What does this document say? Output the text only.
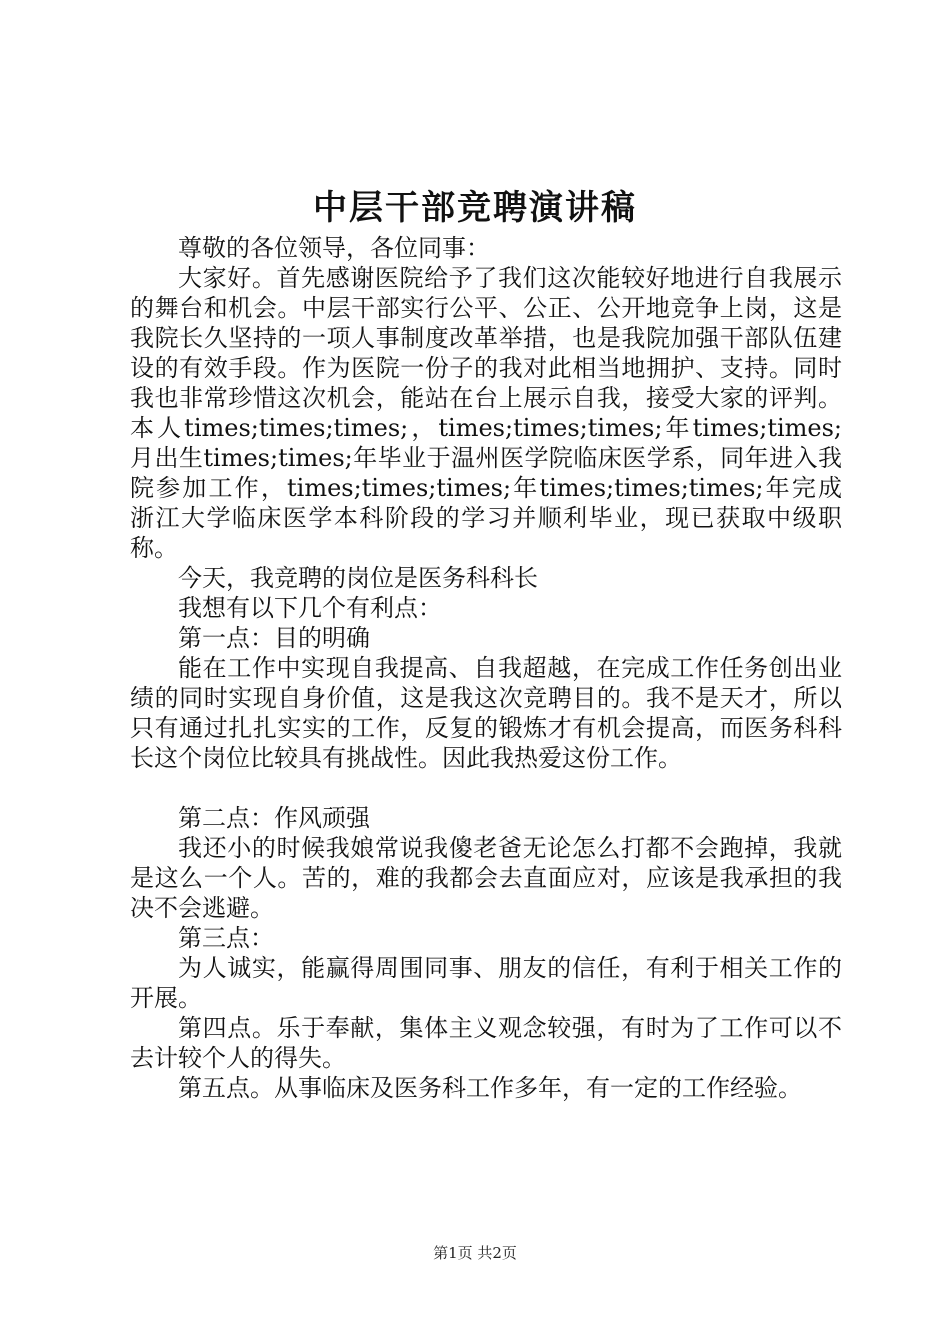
中层干部竞聘演讲稿

尊敬的各位领导，各位同事：

大家好。首先感谢医院给予了我们这次能较好地进行自我展示的舞台和机会。中层干部实行公平、公正、公开地竞争上岗，这是我院长久坚持的一项人事制度改革举措，也是我院加强干部队伍建设的有效手段。作为医院一份子的我对此相当地拥护、支持。同时我也非常珍惜这次机会，能站在台上展示自我，接受大家的评判。本人times;times;times;，times;times;times;年times;times;月出生times;times;年毕业于温州医学院临床医学系，同年进入我院参加工作，times;times;times;年times;times;times;年完成浙江大学临床医学本科阶段的学习并顺利毕业，现已获取中级职称。

今天，我竞聘的岗位是医务科科长

我想有以下几个有利点：

第一点：目的明确

能在工作中实现自我提高、自我超越，在完成工作任务创出业绩的同时实现自身价值，这是我这次竞聘目的。我不是天才，所以只有通过扎扎实实的工作，反复的锻炼才有机会提高，而医务科科长这个岗位比较具有挑战性。因此我热爱这份工作。

第二点：作风顽强

我还小的时候我娘常说我傻老爸无论怎么打都不会跑掉，我就是这么一个人。苦的，难的我都会去直面应对，应该是我承担的我决不会逃避。

第三点：

为人诚实，能赢得周围同事、朋友的信任，有利于相关工作的开展。

第四点。乐于奉献，集体主义观念较强，有时为了工作可以不去计较个人的得失。

第五点。从事临床及医务科工作多年，有一定的工作经验。

第1页 共2页
